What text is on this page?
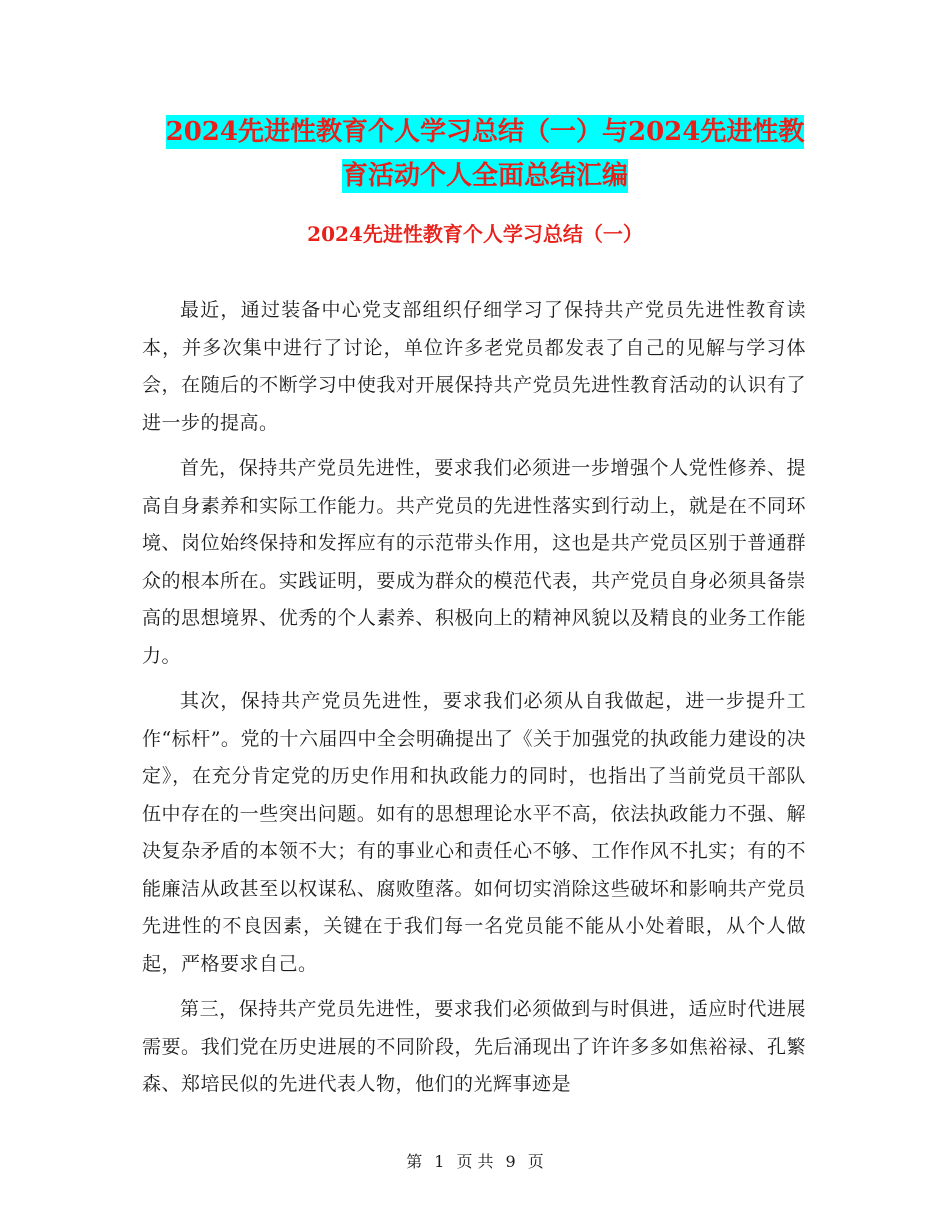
2024先进性教育个人学习总结（一）与2024先进性教
育活动个人全面总结汇编
2024先进性教育个人学习总结（一）

最近，通过装备中心党支部组织仔细学习了保持共产党员先进性教育读本，并多次集中进行了讨论，单位许多老党员都发表了自己的见解与学习体会，在随后的不断学习中使我对开展保持共产党员先进性教育活动的认识有了进一步的提高。

首先，保持共产党员先进性，要求我们必须进一步增强个人党性修养、提高自身素养和实际工作能力。共产党员的先进性落实到行动上，就是在不同环境、岗位始终保持和发挥应有的示范带头作用，这也是共产党员区别于普通群众的根本所在。实践证明，要成为群众的模范代表，共产党员自身必须具备崇高的思想境界、优秀的个人素养、积极向上的精神风貌以及精良的业务工作能力。

其次，保持共产党员先进性，要求我们必须从自我做起，进一步提升工作“标杆”。党的十六届四中全会明确提出了《关于加强党的执政能力建设的决定》，在充分肯定党的历史作用和执政能力的同时，也指出了当前党员干部队伍中存在的一些突出问题。如有的思想理论水平不高，依法执政能力不强、解决复杂矛盾的本领不大；有的事业心和责任心不够、工作作风不扎实；有的不能廉洁从政甚至以权谋私、腐败堕落。如何切实消除这些破坏和影响共产党员先进性的不良因素，关键在于我们每一名党员能不能从小处着眼，从个人做起，严格要求自己。

第三，保持共产党员先进性，要求我们必须做到与时俱进，适应时代进展需要。我们党在历史进展的不同阶段，先后涌现出了许许多多如焦裕禄、孔繁森、郑培民似的先进代表人物，他们的光辉事迹是

第 1 页 共 9 页
